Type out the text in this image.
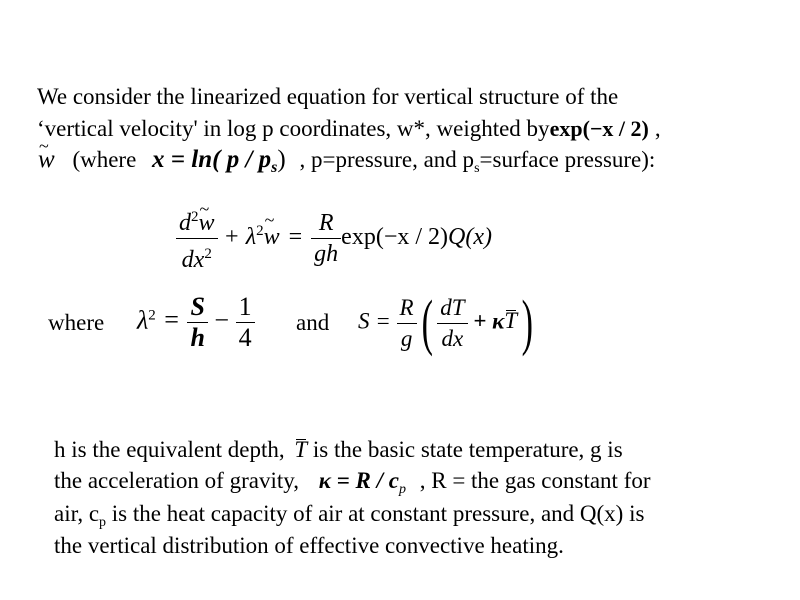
We consider the linearized equation for vertical structure of the
‘vertical velocity' in log p coordinates, w*, weighted byexp(−x / 2) ,
~ w (where x = ln( p / $p_s$) , p=pressure, and $p_s=surface$ pressure):
$\frac{d^2\sim w}{dx^2}$ + $\lambda^2\sim$ $w = \frac{R}{gh} \exp(-x / 2)Q(x)$
where $\lambda^2 = \frac{S}{h} - \frac{1}{4}$ and $S = \frac{R}{g}$ ( $\frac{dT}{dx} + \kappa T$)
h is the equivalent depth, T is the basic state temperature, g is
the acceleration of gravity, $\kappa = R / c_p$ , R = the gas constant for
air, $c_p$ is the heat capacity of air at constant pressure, and Q(x) is
the vertical distribution of effective convective heating.
